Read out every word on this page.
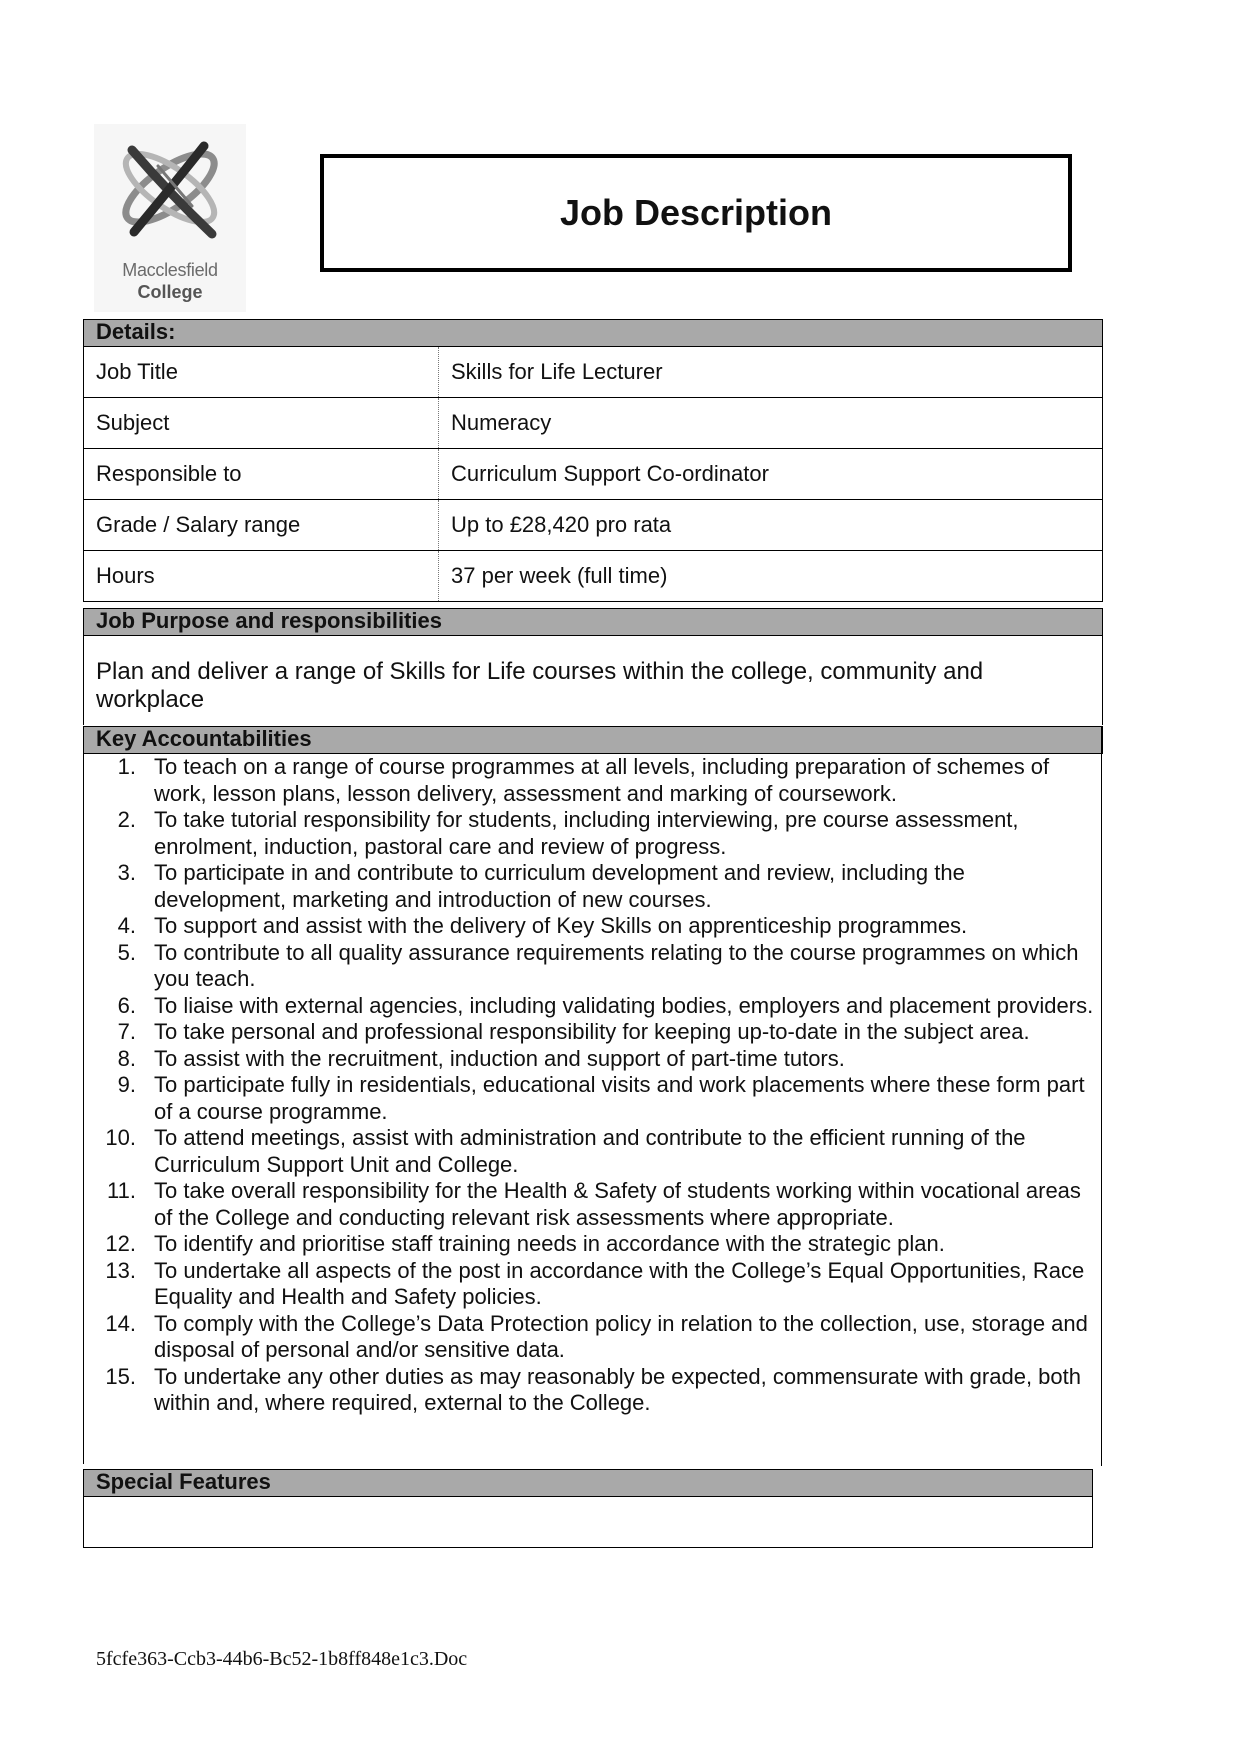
Macclesfield
College
Job Description
Details:
Job Title	Skills for Life Lecturer
Subject	Numeracy
Responsible to	Curriculum Support Co-ordinator
Grade / Salary range	Up to £28,420 pro rata
Hours	37 per week (full time)
Job Purpose and responsibilities
Plan and deliver a range of Skills for Life courses within the college, community and workplace
Key Accountabilities
1. To teach on a range of course programmes at all levels, including preparation of schemes of work, lesson plans, lesson delivery, assessment and marking of coursework.
2. To take tutorial responsibility for students, including interviewing, pre course assessment, enrolment, induction, pastoral care and review of progress.
3. To participate in and contribute to curriculum development and review, including the development, marketing and introduction of new courses.
4. To support and assist with the delivery of Key Skills on apprenticeship programmes.
5. To contribute to all quality assurance requirements relating to the course programmes on which you teach.
6. To liaise with external agencies, including validating bodies, employers and placement providers.
7. To take personal and professional responsibility for keeping up-to-date in the subject area.
8. To assist with the recruitment, induction and support of part-time tutors.
9. To participate fully in residentials, educational visits and work placements where these form part of a course programme.
10. To attend meetings, assist with administration and contribute to the efficient running of the Curriculum Support Unit and College.
11. To take overall responsibility for the Health & Safety of students working within vocational areas of the College and conducting relevant risk assessments where appropriate.
12. To identify and prioritise staff training needs in accordance with the strategic plan.
13. To undertake all aspects of the post in accordance with the College’s Equal Opportunities, Race Equality and Health and Safety policies.
14. To comply with the College’s Data Protection policy in relation to the collection, use, storage and disposal of personal and/or sensitive data.
15. To undertake any other duties as may reasonably be expected, commensurate with grade, both within and, where required, external to the College.
Special Features
5fcfe363-Ccb3-44b6-Bc52-1b8ff848e1c3.Doc
